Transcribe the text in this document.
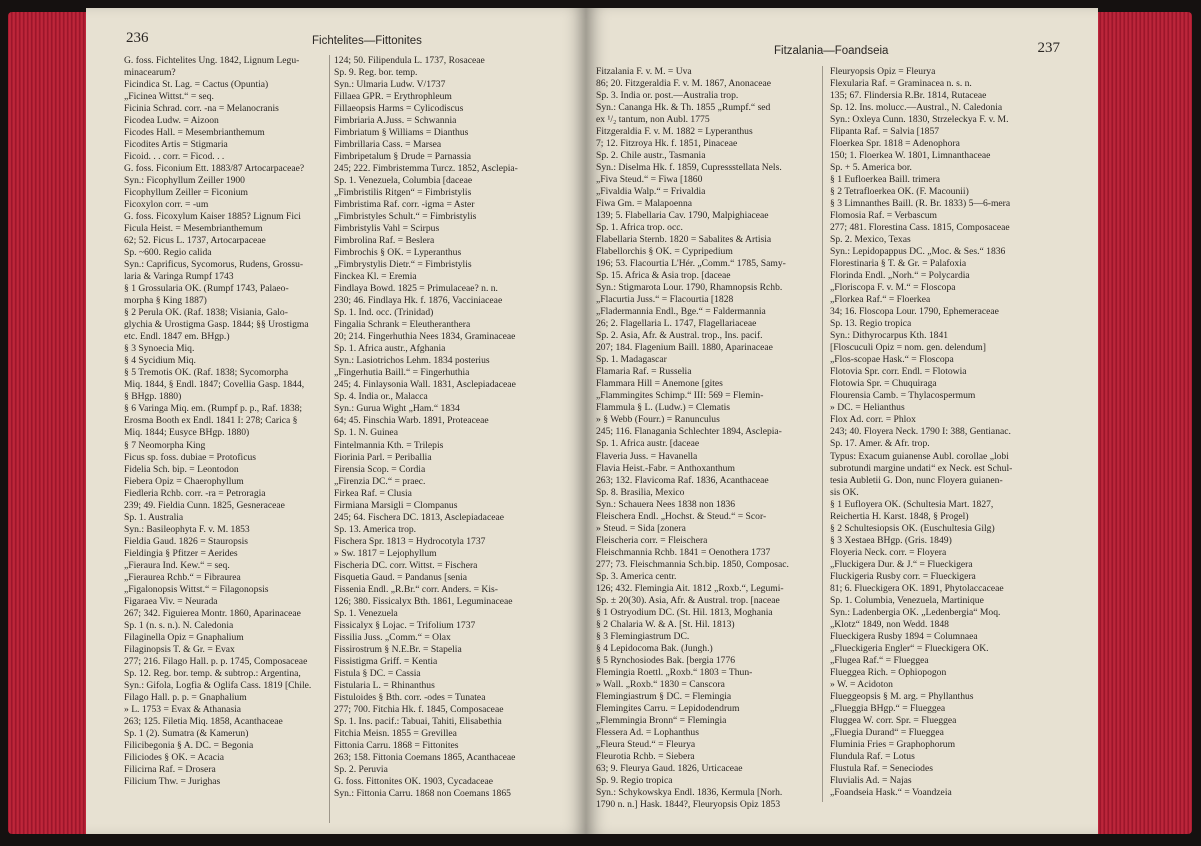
236	Fichtelites—Fittonites
G. foss. Fichtelites Ung. 1842, Lignum Legu-
minacearum?
Ficindica St. Lag. = Cactus (Opuntia)
„Ficinea Wittst.“ = seq.
Ficinia Schrad. corr. -na = Melanocranis
Ficodea Ludw. = Aizoon
Ficodes Hall. = Mesembrianthemum
Ficodites Artis = Stigmaria
Ficoid. . . corr. = Ficod. . .
G. foss. Ficonium Ett. 1883/87 Artocarpaceae?
Syn.: Ficophyllum Zeiller 1900
Ficophyllum Zeiller = Ficonium
Ficoxylon corr. = -um
G. foss. Ficoxylum Kaiser 1885? Lignum Fici
Ficula Heist. = Mesembrianthemum
62; 52. Ficus L. 1737, Artocarpaceae
Sp. ~600. Regio calida
Syn.: Caprificus, Sycomorus, Rudens, Grossu-
laria & Varinga Rumpf 1743
§ 1 Grossularia OK. (Rumpf 1743, Palaeo-
morpha § King 1887)
§ 2 Perula OK. (Raf. 1838; Visiania, Galo-
glychia & Urostigma Gasp. 1844; §§ Urostigma
etc. Endl. 1847 em. BHgp.)
§ 3 Synoecia Miq.
§ 4 Sycidium Miq.
§ 5 Tremotis OK. (Raf. 1838; Sycomorpha
Miq. 1844, § Endl. 1847; Covellia Gasp. 1844,
§ BHgp. 1880)
§ 6 Varinga Miq. em. (Rumpf p. p., Raf. 1838;
Erosma Booth ex Endl. 1841 I: 278; Carica §
Miq. 1844; Eusyce BHgp. 1880)
§ 7 Neomorpha King
Ficus sp. foss. dubiae = Protoficus
Fidelia Sch. bip. = Leontodon
Fiebera Opiz = Chaerophyllum
Fiedleria Rchb. corr. -ra = Petroragia
239; 49. Fieldia Cunn. 1825, Gesneraceae
Sp. 1. Australia
Syn.: Basileophyta F. v. M. 1853
Fieldia Gaud. 1826 = Stauropsis
Fieldingia § Pfitzer = Aerides
„Fieraura Ind. Kew.“ = seq.
„Fieraurea Rchb.“ = Fibraurea
„Figalonopsis Wittst.“ = Filagonopsis
Figaraea Viv. = Neurada
267; 342. Figuierea Montr. 1860, Aparinaceae
Sp. 1 (n. s. n.). N. Caledonia
Filaginella Opiz = Gnaphalium
Filaginopsis T. & Gr. = Evax
277; 216. Filago Hall. p. p. 1745, Composaceae
Sp. 12. Reg. bor. temp. & subtrop.: Argentina,
Syn.: Gifola, Logfia & Oglifa Cass. 1819 [Chile.
Filago Hall. p. p. = Gnaphalium
» L. 1753 = Evax & Athanasia
263; 125. Filetia Miq. 1858, Acanthaceae
Sp. 1 (2). Sumatra (& Kamerun)
Filicibegonia § A. DC. = Begonia
Filiciodes § OK. = Acacia
Filicirna Raf. = Drosera
Filicium Thw. = Jurighas
124; 50. Filipendula L. 1737, Rosaceae
Sp. 9. Reg. bor. temp.
Syn.: Ulmaria Ludw. V/1737
Fillaea GPR. = Erythrophleum
Fillaeopsis Harms = Cylicodiscus
Fimbriaria A.Juss. = Schwannia
Fimbriatum § Williams = Dianthus
Fimbrillaria Cass. = Marsea
Fimbripetalum § Drude = Parnassia
245; 222. Fimbristemma Turcz. 1852, Asclepia-
Sp. 1. Venezuela, Columbia [daceae
„Fimbristilis Ritgen“ = Fimbristylis
Fimbristima Raf. corr. -igma = Aster
„Fimbristyles Schult.“ = Fimbristylis
Fimbristylis Vahl = Scirpus
Fimbrolina Raf. = Beslera
Fimbrochis § OK. = Lyperanthus
„Fimbrystylis Dietr.“ = Fimbristylis
Finckea Kl. = Eremia
Findlaya Bowd. 1825 = Primulaceae? n. n.
230; 46. Findlaya Hk. f. 1876, Vacciniaceae
Sp. 1. Ind. occ. (Trinidad)
Fingalia Schrank = Eleutheranthera
20; 214. Fingerhuthia Nees 1834, Graminaceae
Sp. 1. Africa austr., Afghania
Syn.: Lasiotrichos Lehm. 1834 posterius
„Fingerhutia Baill.“ = Fingerhuthia
245; 4. Finlaysonia Wall. 1831, Asclepiadaceae
Sp. 4. India or., Malacca
Syn.: Gurua Wight „Ham.“ 1834
64; 45. Finschia Warb. 1891, Proteaceae
Sp. 1. N. Guinea
Fintelmannia Kth. = Trilepis
Fiorinia Parl. = Periballia
Firensia Scop. = Cordia
„Firenzia DC.“ = praec.
Firkea Raf. = Clusia
Firmiana Marsigli = Clompanus
245; 64. Fischera DC. 1813, Asclepiadaceae
Sp. 13. America trop.
Fischera Spr. 1813 = Hydrocotyla 1737
» Sw. 1817 = Lejophyllum
Fischeria DC. corr. Wittst. = Fischera
Fisquetia Gaud. = Pandanus [senia
Fissenia Endl. „R.Br.“ corr. Anders. = Kis-
126; 380. Fissicalyx Bth. 1861, Leguminaceae
Sp. 1. Venezuela
Fissicalyx § Lojac. = Trifolium 1737
Fissilia Juss. „Comm.“ = Olax
Fissirostrum § N.E.Br. = Stapelia
Fissistigma Griff. = Kentia
Fistula § DC. = Cassia
Fistularia L. = Rhinanthus
Fistuloides § Bth. corr. -odes = Tunatea
277; 700. Fitchia Hk. f. 1845, Composaceae
Sp. 1. Ins. pacif.: Tabuai, Tahiti, Elisabethia
Fitchia Meisn. 1855 = Grevillea
Fittonia Carru. 1868 = Fittonites
263; 158. Fittonia Coemans 1865, Acanthaceae
Sp. 2. Peruvia
G. foss. Fittonites OK. 1903, Cycadaceae
Syn.: Fittonia Carru. 1868 non Coemans 1865
237
Fitzalania—Foandseia
Fitzalania F. v. M. = Uva
86; 20. Fitzgeraldia F. v. M. 1867, Anonaceae
Sp. 3. India or. post.—Australia trop.
Syn.: Cananga Hk. & Th. 1855 „Rumpf.“ sed
ex ¹/₂ tantum, non Aubl. 1775
Fitzgeraldia F. v. M. 1882 = Lyperanthus
7; 12. Fitzroya Hk. f. 1851, Pinaceae
Sp. 2. Chile austr., Tasmania
Syn.: Diselma Hk. f. 1859, Cupressstellata Nels.
„Fiva Steud.“ = Fiwa [1860
„Fivaldia Walp.“ = Frivaldia
Fiwa Gm. = Malapoenna
139; 5. Flabellaria Cav. 1790, Malpighiaceae
Sp. 1. Africa trop. occ.
Flabellaria Sternb. 1820 = Sabalites & Artisia
Flabellorchis § OK. = Cypripedium
196; 53. Flacourtia L'Hér. „Comm.“ 1785, Samy-
Sp. 15. Africa & Asia trop. [daceae
Syn.: Stigmarota Lour. 1790, Rhamnopsis Rchb.
„Flacurtia Juss.“ = Flacourtia [1828
„Fladermannia Endl., Bge.“ = Faldermannia
26; 2. Flagellaria L. 1747, Flagellariaceae
Sp. 2. Asia, Afr. & Austral. trop., Ins. pacif.
207; 184. Flagenium Baill. 1880, Aparinaceae
Sp. 1. Madagascar
Flamaria Raf. = Russelia
Flammara Hill = Anemone [gites
„Flammingites Schimp.“ III: 569 = Flemin-
Flammula § L. (Ludw.) = Clematis
» § Webb (Fourr.) = Ranunculus
245; 116. Flanagania Schlechter 1894, Asclepia-
Sp. 1. Africa austr. [daceae
Flaveria Juss. = Havanella
Flavia Heist.-Fabr. = Anthoxanthum
263; 132. Flavicoma Raf. 1836, Acanthaceae
Sp. 8. Brasilia, Mexico
Syn.: Schauera Nees 1838 non 1836
Fleischera Endl. „Hochst. & Steud.“ = Scor-
» Steud. = Sida [zonera
Fleischeria corr. = Fleischera
Fleischmannia Rchb. 1841 = Oenothera 1737
277; 73. Fleischmannia Sch.bip. 1850, Composac.
Sp. 3. America centr.
126; 432. Flemingia Ait. 1812 „Roxb.“, Legumi-
Sp. ± 20(30). Asia, Afr. & Austral. trop. [naceae
§ 1 Ostryodium DC. (St. Hil. 1813, Moghania
§ 2 Chalaria W. & A. [St. Hil. 1813)
§ 3 Flemingiastrum DC.
§ 4 Lepidocoma Bak. (Jungh.)
§ 5 Rynchosiodes Bak. [bergia 1776
Flemingia Roettl. „Roxb.“ 1803 = Thun-
» Wall. „Roxb.“ 1830 = Canscora
Flemingiastrum § DC. = Flemingia
Flemingites Carru. = Lepidodendrum
„Flemmingia Bronn“ = Flemingia
Flessera Ad. = Lophanthus
„Fleura Steud.“ = Fleurya
Fleurotia Rchb. = Siebera
63; 9. Fleurya Gaud. 1826, Urticaceae
Sp. 9. Regio tropica
Syn.: Schykowskya Endl. 1836, Kermula [Norh.
1790 n. n.] Hask. 1844?, Fleuryopsis Opiz 1853
Fleuryopsis Opiz = Fleurya
Flexularia Raf. = Graminacea n. s. n.
135; 67. Flindersia R.Br. 1814, Rutaceae
Sp. 12. Ins. molucc.—Austral., N. Caledonia
Syn.: Oxleya Cunn. 1830, Strzeleckya F. v. M.
Flipanta Raf. = Salvia [1857
Floerkea Spr. 1818 = Adenophora
150; 1. Floerkea W. 1801, Limnanthaceae
Sp. + 5. America bor.
§ 1 Eufloerkea Baill. trimera
§ 2 Tetrafloerkea OK. (F. Macounii)
§ 3 Limnanthes Baill. (R. Br. 1833) 5—6-mera
Flomosia Raf. = Verbascum
277; 481. Florestina Cass. 1815, Composaceae
Sp. 2. Mexico, Texas
Syn.: Lepidopappus DC. „Moc. & Ses.“ 1836
Florestinaria § T. & Gr. = Palafoxia
Florinda Endl. „Norh.“ = Polycardia
„Floriscopa F. v. M.“ = Floscopa
„Florkea Raf.“ = Floerkea
34; 16. Floscopa Lour. 1790, Ephemeraceae
Sp. 13. Regio tropica
Syn.: Dithyrocarpus Kth. 1841
[Floscuculi Opiz = nom. gen. delendum]
„Flos-scopae Hask.“ = Floscopa
Flotovia Spr. corr. Endl. = Flotowia
Flotowia Spr. = Chuquiraga
Flourensia Camb. = Thylacospermum
» DC. = Helianthus
Flox Ad. corr. = Phlox
243; 40. Floyera Neck. 1790 I: 388, Gentianac.
Sp. 17. Amer. & Afr. trop.
Typus: Exacum guianense Aubl. corollae „lobi
subrotundi margine undati“ ex Neck. est Schul-
tesia Aubletii G. Don, nunc Floyera guianen-
sis OK.
§ 1 Eufloyera OK. (Schultesia Mart. 1827,
Reichertia H. Karst. 1848, § Progel)
§ 2 Schultesiopsis OK. (Euschultesia Gilg)
§ 3 Xestaea BHgp. (Gris. 1849)
Floyeria Neck. corr. = Floyera
„Fluckigera Dur. & J.“ = Flueckigera
Fluckigeria Rusby corr. = Flueckigera
81; 6. Flueckigera OK. 1891, Phytolaccaceae
Sp. 1. Columbia, Venezuela, Martinique
Syn.: Ladenbergia OK. „Ledenbergia“ Moq.
„Klotz“ 1849, non Wedd. 1848
Flueckigera Rusby 1894 = Columnaea
„Flueckigeria Engler“ = Flueckigera OK.
„Flugea Raf.“ = Flueggea
Flueggea Rich. = Ophiopogon
» W. = Acidoton
Flueggeopsis § M. arg. = Phyllanthus
„Flueggia BHgp.“ = Flueggea
Fluggea W. corr. Spr. = Flueggea
„Fluegia Durand“ = Flueggea
Fluminia Fries = Graphophorum
Flundula Raf. = Lotus
Flustula Raf. = Seneciodes
Fluvialis Ad. = Najas
„Foandseia Hask.“ = Voandzeia
